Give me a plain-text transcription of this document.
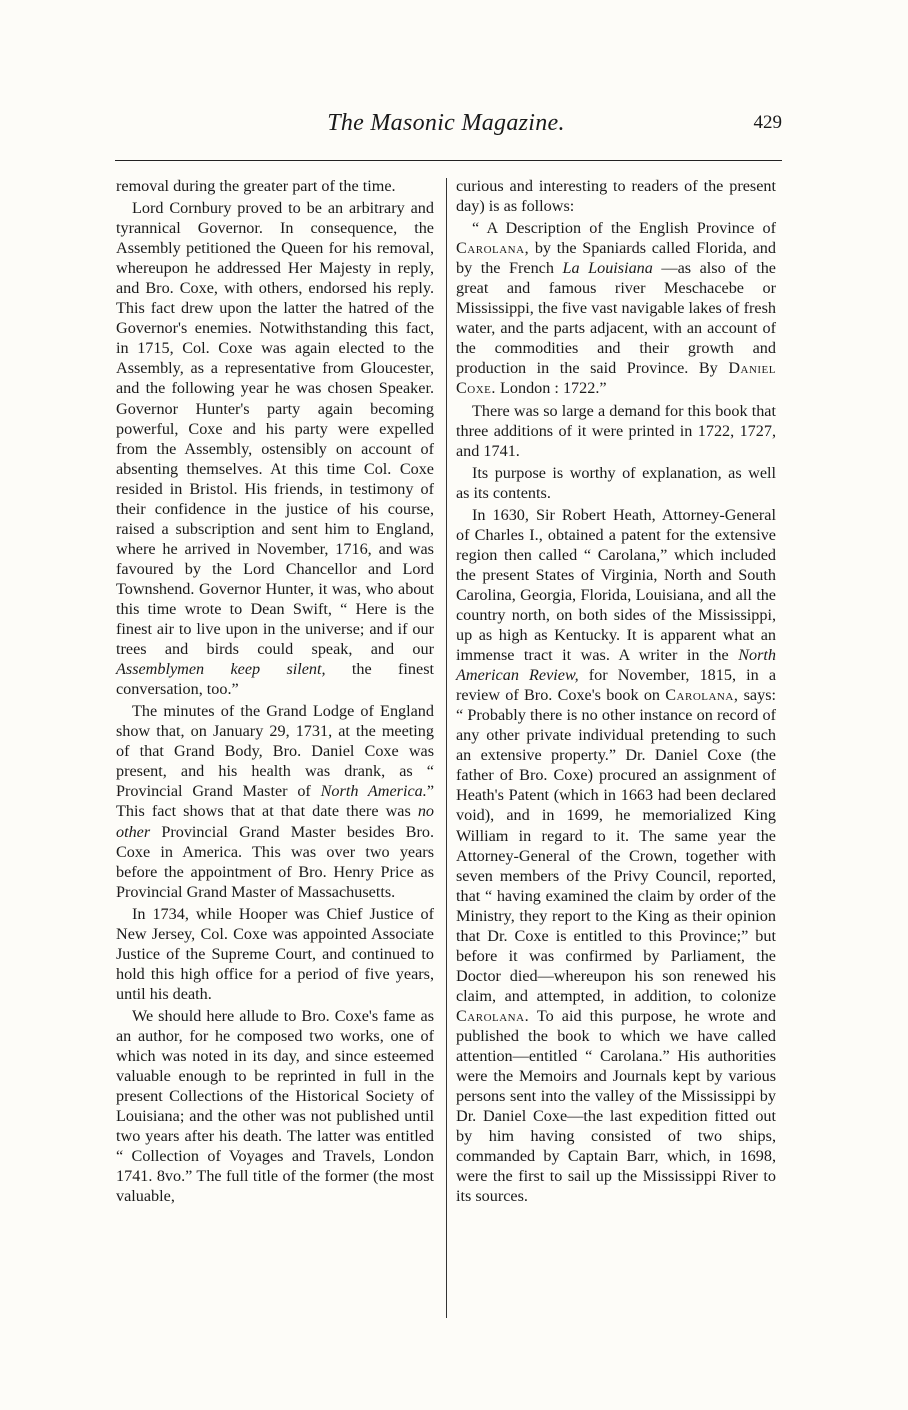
The Masonic Magazine.	429

removal during the greater part of the time.

Lord Cornbury proved to be an arbitrary and tyrannical Governor. In consequence, the Assembly petitioned the Queen for his removal, whereupon he addressed Her Majesty in reply, and Bro. Coxe, with others, endorsed his reply. This fact drew upon the latter the hatred of the Governor's enemies. Notwithstanding this fact, in 1715, Col. Coxe was again elected to the Assembly, as a representative from Gloucester, and the following year he was chosen Speaker. Governor Hunter's party again becoming powerful, Coxe and his party were expelled from the Assembly, ostensibly on account of absenting themselves. At this time Col. Coxe resided in Bristol. His friends, in testimony of their confidence in the justice of his course, raised a subscription and sent him to England, where he arrived in November, 1716, and was favoured by the Lord Chancellor and Lord Townshend. Governor Hunter, it was, who about this time wrote to Dean Swift, “ Here is the finest air to live upon in the universe; and if our trees and birds could speak, and our Assemblymen keep silent, the finest conversation, too.”

The minutes of the Grand Lodge of England show that, on January 29, 1731, at the meeting of that Grand Body, Bro. Daniel Coxe was present, and his health was drank, as “ Provincial Grand Master of North America.” This fact shows that at that date there was no other Provincial Grand Master besides Bro. Coxe in America. This was over two years before the appointment of Bro. Henry Price as Provincial Grand Master of Massachusetts.

In 1734, while Hooper was Chief Justice of New Jersey, Col. Coxe was appointed Associate Justice of the Supreme Court, and continued to hold this high office for a period of five years, until his death.

We should here allude to Bro. Coxe's fame as an author, for he composed two works, one of which was noted in its day, and since esteemed valuable enough to be reprinted in full in the present Collections of the Historical Society of Louisiana; and the other was not published until two years after his death. The latter was entitled “ Collection of Voyages and Travels, London 1741. 8vo.” The full title of the former (the most valuable,

curious and interesting to readers of the present day) is as follows:

“ A Description of the English Province of Carolana, by the Spaniards called Florida, and by the French La Louisiana —as also of the great and famous river Meschacebe or Mississippi, the five vast navigable lakes of fresh water, and the parts adjacent, with an account of the commodities and their growth and production in the said Province. By Daniel Coxe. London : 1722.”

There was so large a demand for this book that three additions of it were printed in 1722, 1727, and 1741.

Its purpose is worthy of explanation, as well as its contents.

In 1630, Sir Robert Heath, Attorney-General of Charles I., obtained a patent for the extensive region then called “ Carolana,” which included the present States of Virginia, North and South Carolina, Georgia, Florida, Louisiana, and all the country north, on both sides of the Mississippi, up as high as Kentucky. It is apparent what an immense tract it was. A writer in the North American Review, for November, 1815, in a review of Bro. Coxe's book on Carolana, says: “ Probably there is no other instance on record of any other private individual pretending to such an extensive property.” Dr. Daniel Coxe (the father of Bro. Coxe) procured an assignment of Heath's Patent (which in 1663 had been declared void), and in 1699, he memorialized King William in regard to it. The same year the Attorney-General of the Crown, together with seven members of the Privy Council, reported, that “ having examined the claim by order of the Ministry, they report to the King as their opinion that Dr. Coxe is entitled to this Province;” but before it was confirmed by Parliament, the Doctor died—whereupon his son renewed his claim, and attempted, in addition, to colonize Carolana. To aid this purpose, he wrote and published the book to which we have called attention—entitled “ Carolana.” His authorities were the Memoirs and Journals kept by various persons sent into the valley of the Mississippi by Dr. Daniel Coxe—the last expedition fitted out by him having consisted of two ships, commanded by Captain Barr, which, in 1698, were the first to sail up the Mississippi River to its sources.
